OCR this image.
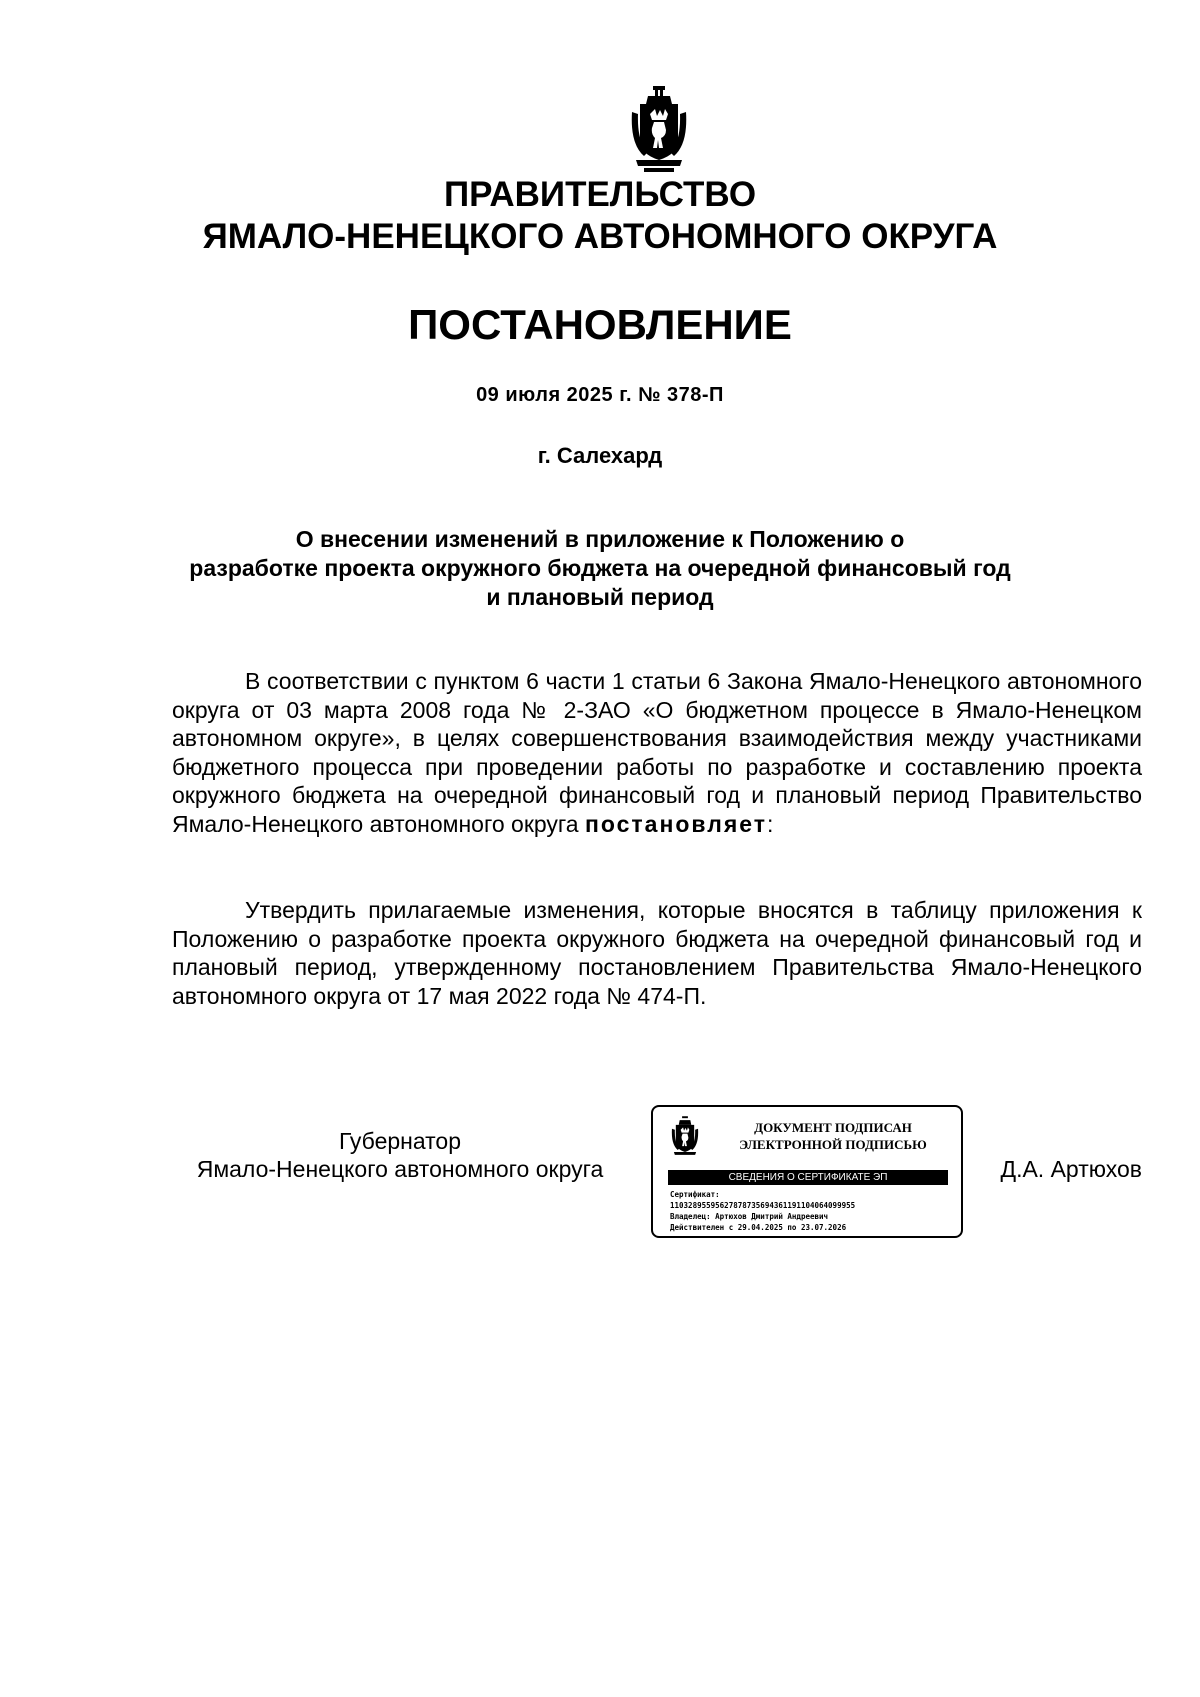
ПРАВИТЕЛЬСТВО
ЯМАЛО-НЕНЕЦКОГО АВТОНОМНОГО ОКРУГА
ПОСТАНОВЛЕНИЕ
09 июля 2025 г. № 378-П
г. Салехард
О внесении изменений в приложение к Положению о
разработке проекта окружного бюджета на очередной финансовый год
и плановый период

В соответствии с пунктом 6 части 1 статьи 6 Закона Ямало-Ненецкого автономного округа от 03 марта 2008 года № 2-ЗАО «О бюджетном процессе в Ямало-Ненецком автономном округе», в целях совершенствования взаимодействия между участниками бюджетного процесса при проведении работы по разработке и составлению проекта окружного бюджета на очередной финансовый год и плановый период Правительство Ямало-Ненецкого автономного округа постановляет:

Утвердить прилагаемые изменения, которые вносятся в таблицу приложения к Положению о разработке проекта окружного бюджета на очередной финансовый год и плановый период, утвержденному постановлением Правительства Ямало-Ненецкого автономного округа от 17 мая 2022 года № 474-П.

Губернатор
Ямало-Ненецкого автономного округа
ДОКУМЕНТ ПОДПИСАН
ЭЛЕКТРОННОЙ ПОДПИСЬЮ
СВЕДЕНИЯ О СЕРТИФИКАТЕ ЭП
Сертификат:
11032895595627878735694361191104064099955
Владелец: Артюхов Дмитрий Андреевич
Действителен с 29.04.2025 по 23.07.2026
Д.А. Артюхов
